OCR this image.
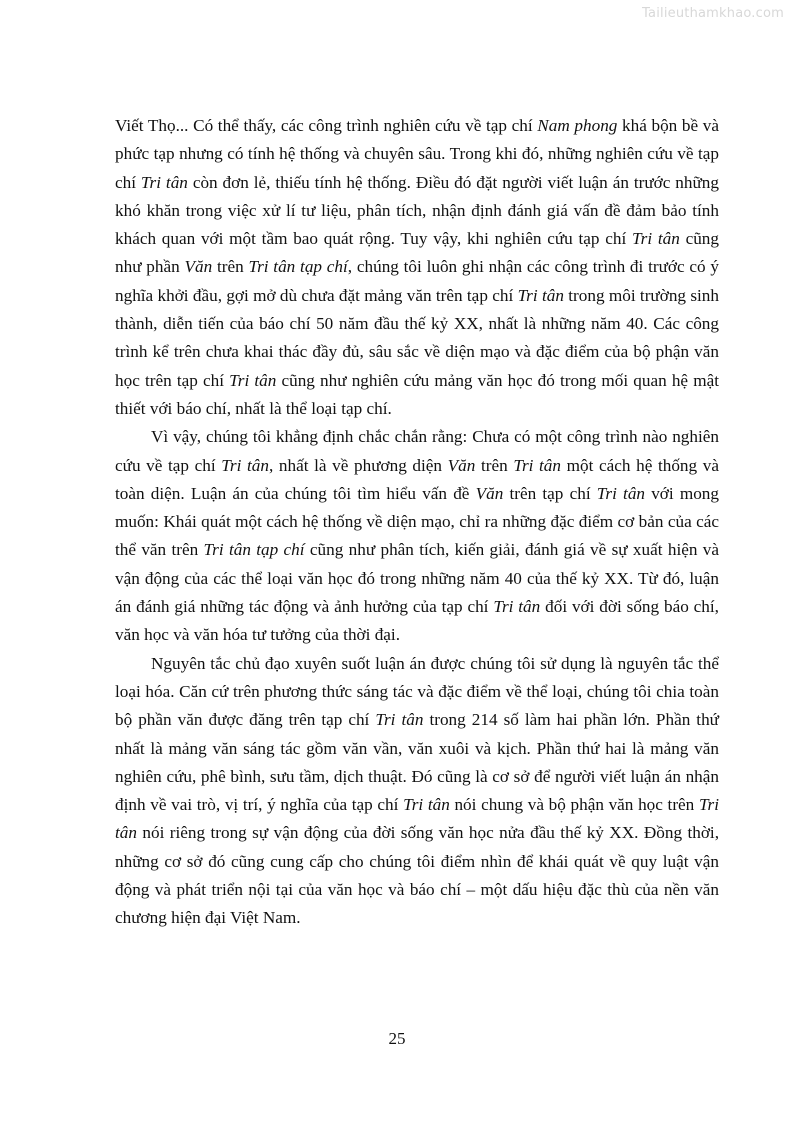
Tailieuthamkhao.com

Viết Thọ... Có thể thấy, các công trình nghiên cứu về tạp chí Nam phong khá bộn bề và phức tạp nhưng có tính hệ thống và chuyên sâu. Trong khi đó, những nghiên cứu về tạp chí Tri tân còn đơn lẻ, thiếu tính hệ thống. Điều đó đặt người viết luận án trước những khó khăn trong việc xử lí tư liệu, phân tích, nhận định đánh giá vấn đề đảm bảo tính khách quan với một tầm bao quát rộng. Tuy vậy, khi nghiên cứu tạp chí Tri tân cũng như phần Văn trên Tri tân tạp chí, chúng tôi luôn ghi nhận các công trình đi trước có ý nghĩa khởi đầu, gợi mở dù chưa đặt mảng văn trên tạp chí Tri tân trong môi trường sinh thành, diễn tiến của báo chí 50 năm đầu thế kỷ XX, nhất là những năm 40. Các công trình kể trên chưa khai thác đầy đủ, sâu sắc về diện mạo và đặc điểm của bộ phận văn học trên tạp chí Tri tân cũng như nghiên cứu mảng văn học đó trong mối quan hệ mật thiết với báo chí, nhất là thể loại tạp chí.

Vì vậy, chúng tôi khẳng định chắc chắn rằng: Chưa có một công trình nào nghiên cứu về tạp chí Tri tân, nhất là về phương diện Văn trên Tri tân một cách hệ thống và toàn diện. Luận án của chúng tôi tìm hiểu vấn đề Văn trên tạp chí Tri tân với mong muốn: Khái quát một cách hệ thống về diện mạo, chỉ ra những đặc điểm cơ bản của các thể văn trên Tri tân tạp chí cũng như phân tích, kiến giải, đánh giá về sự xuất hiện và vận động của các thể loại văn học đó trong những năm 40 của thế kỷ XX. Từ đó, luận án đánh giá những tác động và ảnh hưởng của tạp chí Tri tân đối với đời sống báo chí, văn học và văn hóa tư tưởng của thời đại.

Nguyên tắc chủ đạo xuyên suốt luận án được chúng tôi sử dụng là nguyên tắc thể loại hóa. Căn cứ trên phương thức sáng tác và đặc điểm về thể loại, chúng tôi chia toàn bộ phần văn được đăng trên tạp chí Tri tân trong 214 số làm hai phần lớn. Phần thứ nhất là mảng văn sáng tác gồm văn vần, văn xuôi và kịch. Phần thứ hai là mảng văn nghiên cứu, phê bình, sưu tầm, dịch thuật. Đó cũng là cơ sở để người viết luận án nhận định về vai trò, vị trí, ý nghĩa của tạp chí Tri tân nói chung và bộ phận văn học trên Tri tân nói riêng trong sự vận động của đời sống văn học nửa đầu thế kỷ XX. Đồng thời, những cơ sở đó cũng cung cấp cho chúng tôi điểm nhìn để khái quát về quy luật vận động và phát triển nội tại của văn học và báo chí – một dấu hiệu đặc thù của nền văn chương hiện đại Việt Nam.

25
